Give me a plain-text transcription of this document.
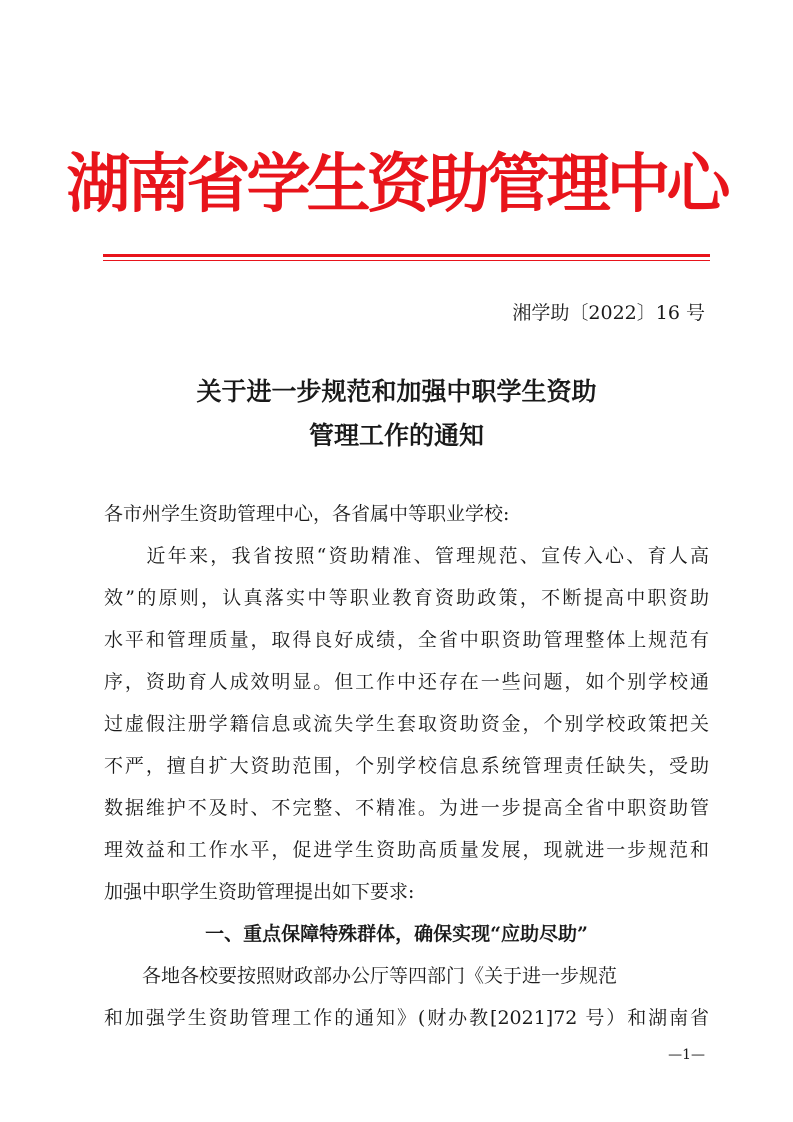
湖南省学生资助管理中心
湘学助〔2022〕16 号
关于进一步规范和加强中职学生资助
管理工作的通知
各市州学生资助管理中心，各省属中等职业学校:
　　近年来，我省按照“资助精准、管理规范、宣传入心、育人高
效”的原则，认真落实中等职业教育资助政策，不断提高中职资助
水平和管理质量，取得良好成绩，全省中职资助管理整体上规范有
序，资助育人成效明显。但工作中还存在一些问题，如个别学校通
过虚假注册学籍信息或流失学生套取资助资金，个别学校政策把关
不严，擅自扩大资助范围，个别学校信息系统管理责任缺失，受助
数据维护不及时、不完整、不精准。为进一步提高全省中职资助管
理效益和工作水平，促进学生资助高质量发展，现就进一步规范和
加强中职学生资助管理提出如下要求:
一、重点保障特殊群体，确保实现“应助尽助”
　　各地各校要按照财政部办公厅等四部门《关于进一步规范
和加强学生资助管理工作的通知》(财办教[2021]72 号）和湖南省
—1—
